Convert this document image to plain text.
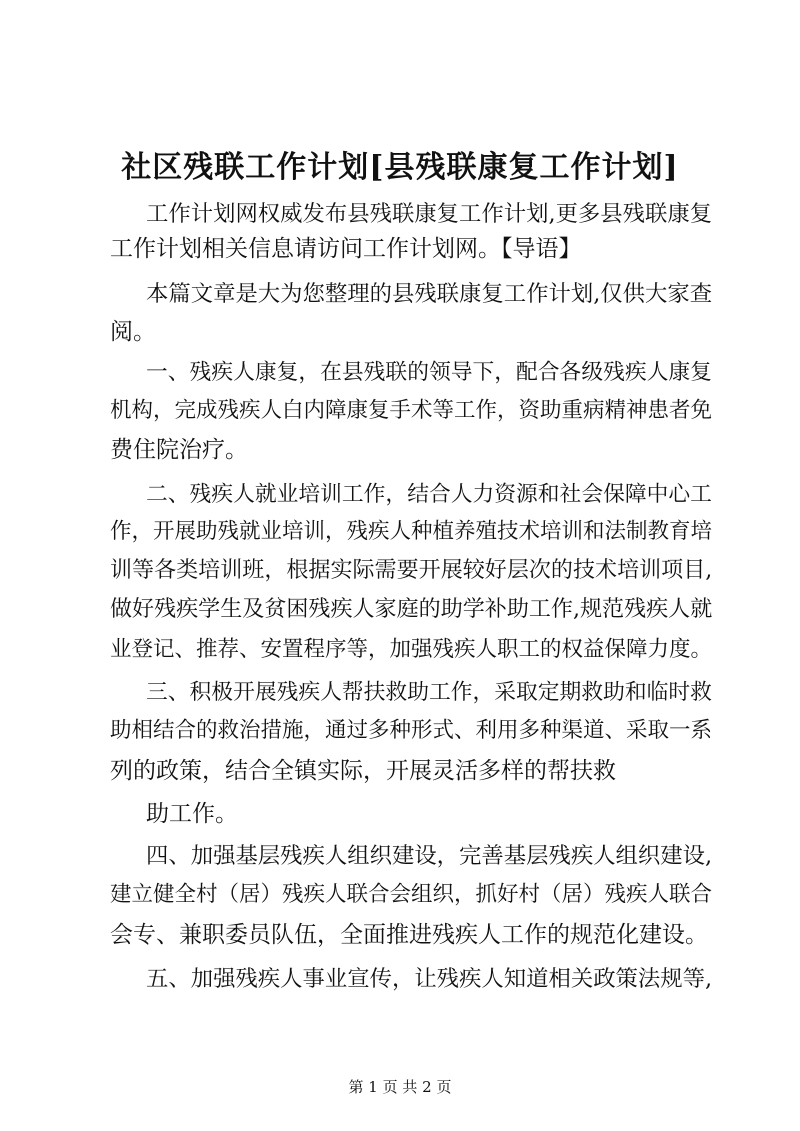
社区残联工作计划[县残联康复工作计划]
工作计划网权威发布县残联康复工作计划,更多县残联康复
工作计划相关信息请访问工作计划网。【导语】
本篇文章是大为您整理的县残联康复工作计划,仅供大家查
阅。
一、残疾人康复，在县残联的领导下，配合各级残疾人康复
机构，完成残疾人白内障康复手术等工作，资助重病精神患者免
费住院治疗。
二、残疾人就业培训工作，结合人力资源和社会保障中心工
作，开展助残就业培训，残疾人种植养殖技术培训和法制教育培
训等各类培训班，根据实际需要开展较好层次的技术培训项目,
做好残疾学生及贫困残疾人家庭的助学补助工作,规范残疾人就
业登记、推荐、安置程序等，加强残疾人职工的权益保障力度。
三、积极开展残疾人帮扶救助工作，采取定期救助和临时救
助相结合的救治措施，通过多种形式、利用多种渠道、采取一系
列的政策，结合全镇实际，开展灵活多样的帮扶救
助工作。
四、加强基层残疾人组织建设，完善基层残疾人组织建设,
建立健全村（居）残疾人联合会组织，抓好村（居）残疾人联合
会专、兼职委员队伍，全面推进残疾人工作的规范化建设。
五、加强残疾人事业宣传，让残疾人知道相关政策法规等,
第 1 页 共 2 页
